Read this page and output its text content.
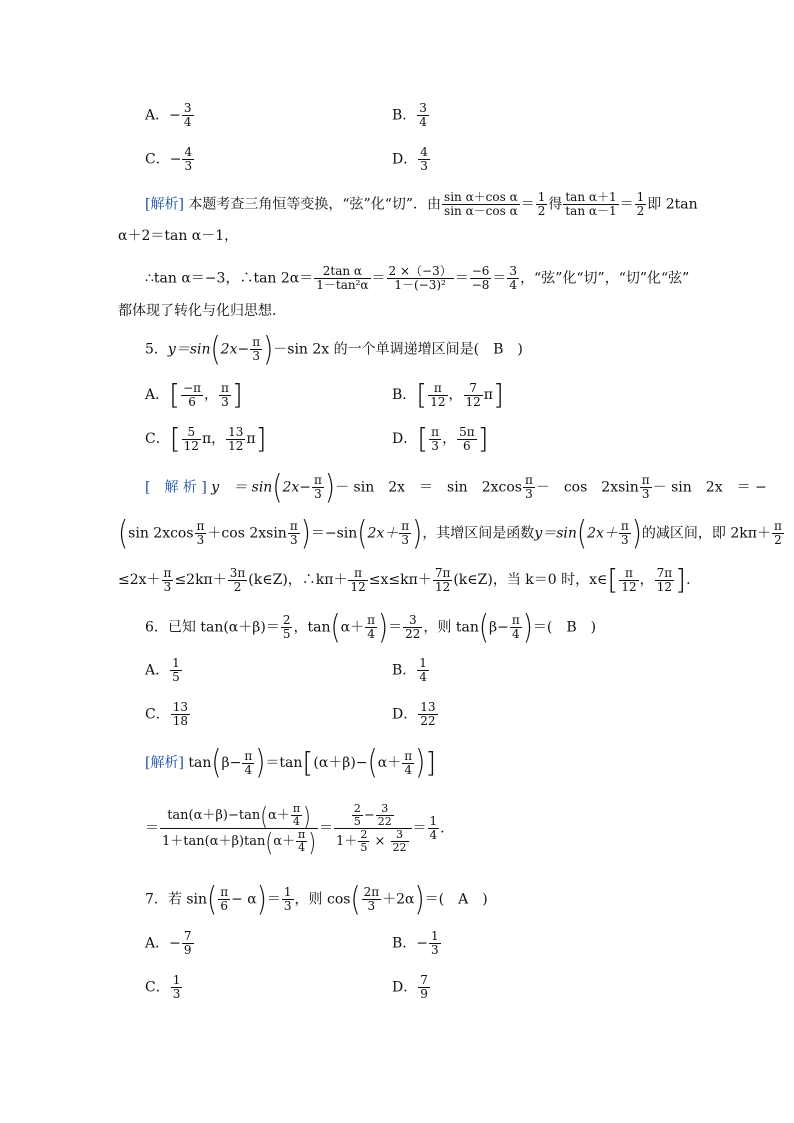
A．− $\frac{3}{4}$	B． $\frac{3}{4}$
C．− $\frac{4}{3}$	D． $\frac{4}{3}$
[解析] 本题考查三角恒等变换，“弦”化“切”．由 $\frac{\text{sin α＋cos α}}{\text{sin α－cos α}} = \frac{1}{2}$ 得 $\frac{\text{tan α＋1}}{\text{tan α－1}} = \frac{1}{2}$ 即 2tan
α＋2＝tan α－1，
∴tan α＝−3，∴tan $2\alpha= \frac{\text{2tan α}}{\text{1－tan²α}} = \frac{2 \times(-3)}{\text{1－(−3)²}} = \frac{-6}{-8} = \frac{3}{4}$ ，“弦”化“切”，“切”化“弦”
都体现了转化与化归思想．
5．$y=\sin(2x- \frac{\pi}{3} )-\sin$ 2x 的一个单调递增区间是(　B　)
A．[ $\frac{-\pi}{6}$ ， $\frac{\pi}{3}$ ]	B．[ $\frac{\pi}{12}$ ， $\frac{7}{12} \pi$]
C．[ $\frac{5}{12}$ π， $\frac{13}{12} \pi$]	D．[ $\frac{\pi}{3}$ ， $\frac{5\pi}{6}$ ]
[　解 析 ] y　＝ $\sin(2x- \frac{\pi}{3}$ )－ sin　2x　＝　sin　$2xcos \frac{\pi}{3}$ －　cos　$2xsin \frac{\pi}{3} - \sin$　2x　＝ −
(sin $2xcos \frac{\pi}{3} +\cos$ $2xsin \frac{\pi}{3} )=-\sin(2x+ \frac{\pi}{3}$ )，其增区间是函数$y=\sin(2x+ \frac{\pi}{3}$ )的减区间，即 $2k\pi+ \frac{\pi}{2}$
$\le 2x+ \frac{\pi}{3} \le 2k\pi+ \frac{3\pi}{2}$ (k∈Z)，∴kπ＋ $\frac{\pi}{12} \le x\le k\pi+ \frac{7\pi}{12}$ (k∈Z)，当 k＝0 时，x∈[ $\frac{\pi}{12}$ ， $\frac{7\pi}{12}$ ].
6．已知 $\tan(\alpha+\beta)= \frac{2}{5}$ ，$\tan(\alpha+ \frac{\pi}{4}$ )＝ $\frac{3}{22}$ ，则 $\tan(\beta- \frac{\pi}{4}$ )＝(　B　)
A． $\frac{1}{5}$	B． $\frac{1}{4}$
C． $\frac{13}{18}$	D． $\frac{13}{22}$
[解析] $\tan(\beta- \frac{\pi}{4} )=\tan[(\alpha+\beta)-(\alpha+ \frac{\pi}{4}$ )]
＝ $\frac{\tan(\alpha+\beta)-\tan(\alpha+ \frac{\pi}{4} )}{1+\tan(\alpha+\beta)\tan(\alpha+ \frac{\pi}{4} )} = \frac{\frac{2}{5} - \frac{3}{22}}{1+ \frac{2}{5} \times \frac{3}{22}} = \frac{1}{4}$ .
7．若 $\sin( \frac{\pi}{6} - \alpha)= \frac{1}{3}$ ，则 $\cos( \frac{2\pi}{3} +2\alpha)=$(　A　)
A．− $\frac{7}{9}$	B．− $\frac{1}{3}$
C． $\frac{1}{3}$	D． $\frac{7}{9}$
